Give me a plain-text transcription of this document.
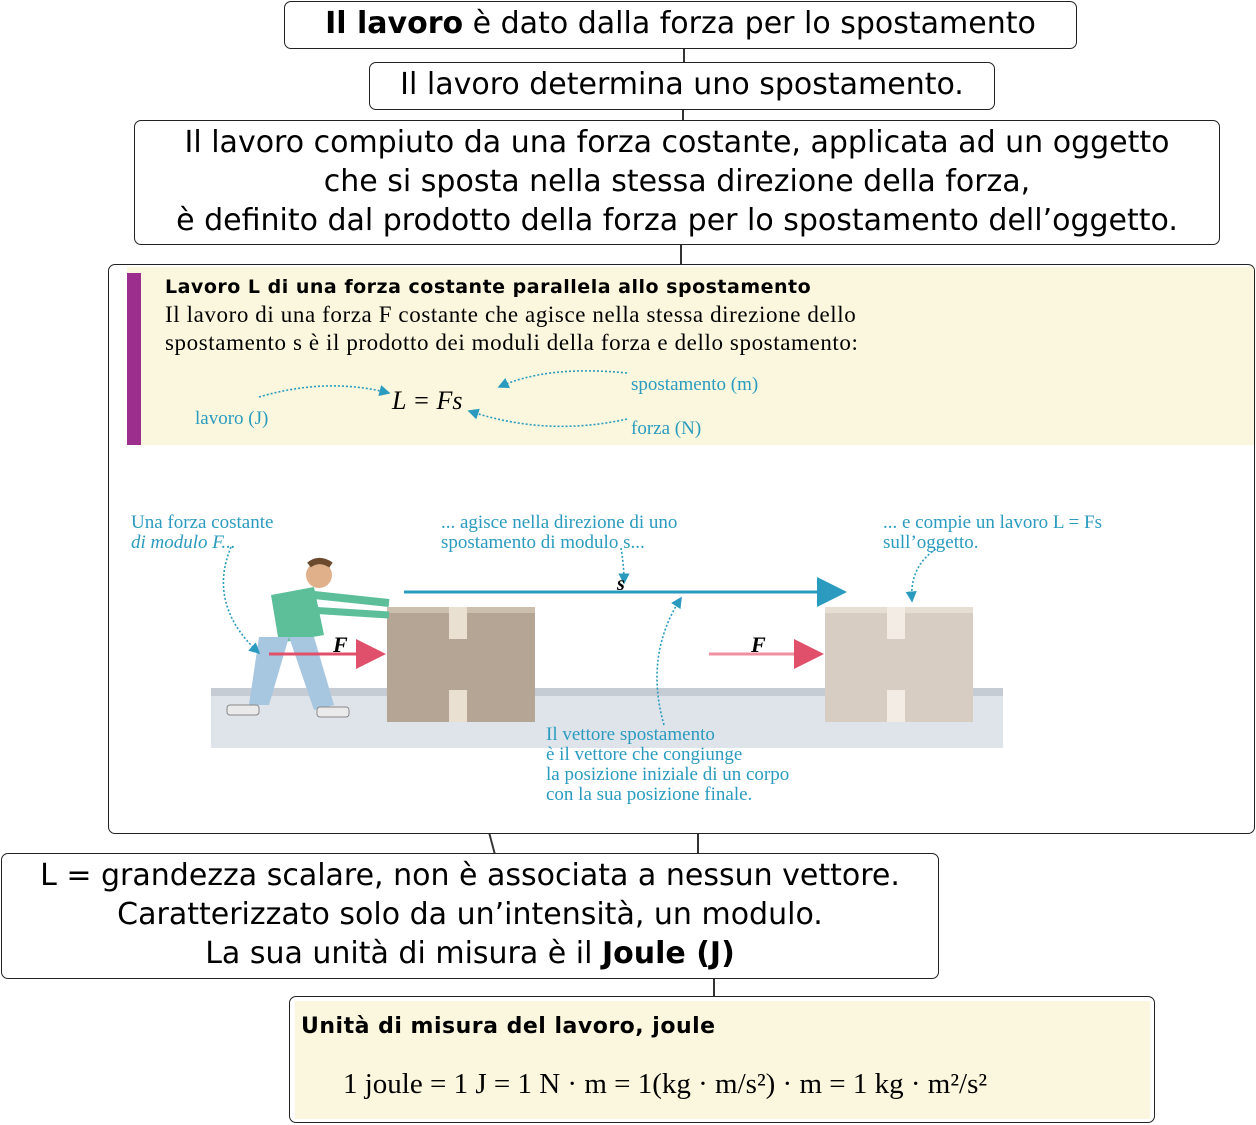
Il lavoro è dato dalla forza per lo spostamento
Il lavoro determina uno spostamento.
Il lavoro compiuto da una forza costante, applicata ad un oggetto
che si sposta nella stessa direzione della forza,
è definito dal prodotto della forza per lo spostamento dell’oggetto.
Lavoro L di una forza costante parallela allo spostamento
Il lavoro di una forza F costante che agisce nella stessa direzione dello
spostamento s è il prodotto dei moduli della forza e dello spostamento:
lavoro (J)
L = Fs
spostamento (m)
forza (N)
Una forza costante
di modulo F...
... agisce nella direzione di uno
spostamento di modulo s...
... e compie un lavoro L = Fs
sull’oggetto.
s
F	F
Il vettore spostamento
è il vettore che congiunge
la posizione iniziale di un corpo
con la sua posizione finale.
L = grandezza scalare, non è associata a nessun vettore.
Caratterizzato solo da un’intensità, un modulo.
La sua unità di misura è il Joule (J)
Unità di misura del lavoro, joule
1 joule = 1 J = 1 N · m = 1(kg · m/s²) · m = 1 kg · m²/s²
